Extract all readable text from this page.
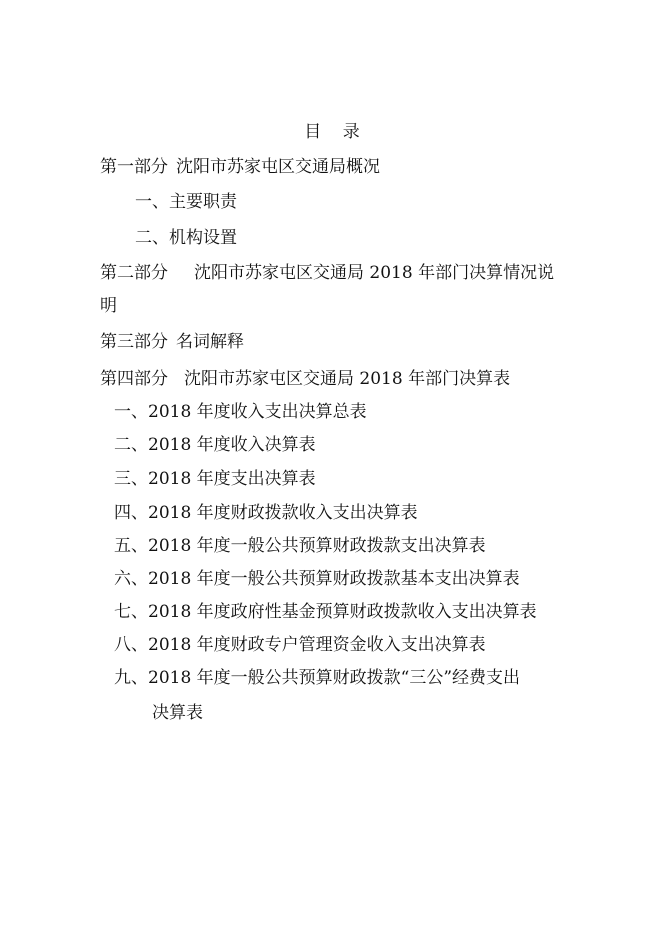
目 录
第一部分 沈阳市苏家屯区交通局概况
一、主要职责
二、机构设置
第二部分 沈阳市苏家屯区交通局 2018 年部门决算情况说
明
第三部分 名词解释
第四部分 沈阳市苏家屯区交通局 2018 年部门决算表
一、2018 年度收入支出决算总表
二、2018 年度收入决算表
三、2018 年度支出决算表
四、2018 年度财政拨款收入支出决算表
五、2018 年度一般公共预算财政拨款支出决算表
六、2018 年度一般公共预算财政拨款基本支出决算表
七、2018 年度政府性基金预算财政拨款收入支出决算表
八、2018 年度财政专户管理资金收入支出决算表
九、2018 年度一般公共预算财政拨款“三公”经费支出
决算表
